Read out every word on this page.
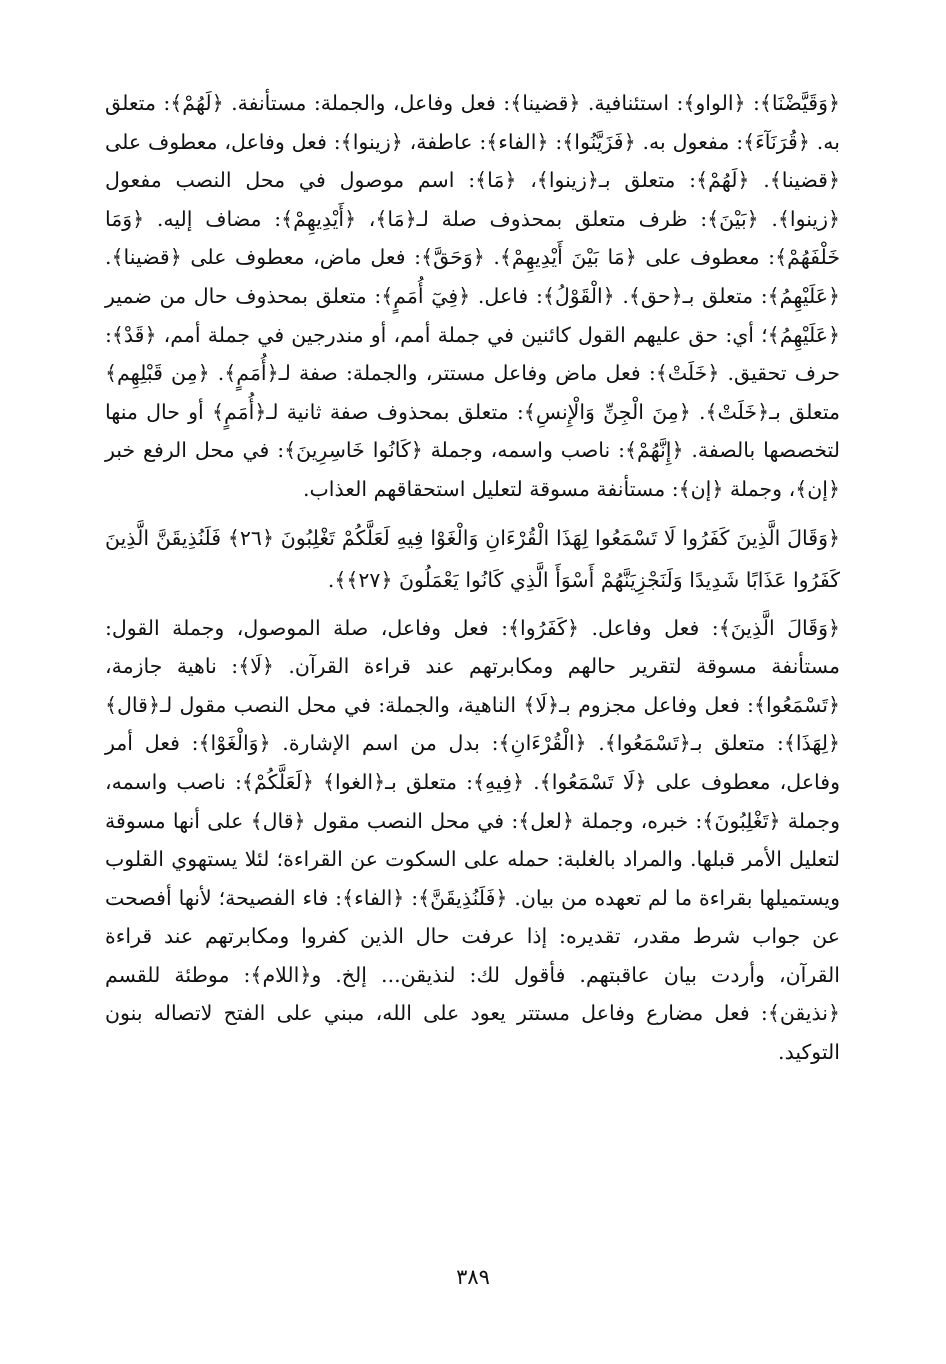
﴿وَقَيَّضْنَا﴾: ﴿الواو﴾: استئنافية. ﴿قضينا﴾: فعل وفاعل، والجملة: مستأنفة. ﴿لَهُمْ﴾: متعلق به. ﴿قُرَنَآءَ﴾: مفعول به. ﴿فَزَيَّنُوا﴾: ﴿الفاء﴾: عاطفة، ﴿زينوا﴾: فعل وفاعل، معطوف على ﴿قضينا﴾. ﴿لَهُمْ﴾: متعلق بـ﴿زينوا﴾، ﴿مَا﴾: اسم موصول في محل النصب مفعول ﴿زينوا﴾. ﴿بَيْنَ﴾: ظرف متعلق بمحذوف صلة لـ﴿مَا﴾، ﴿أَيْدِيهِمْ﴾: مضاف إليه. ﴿وَمَا خَلْفَهُمْ﴾: معطوف على ﴿مَا بَيْنَ أَيْدِيهِمْ﴾. ﴿وَحَقَّ﴾: فعل ماض، معطوف على ﴿قضينا﴾. ﴿عَلَيْهِمُ﴾: متعلق بـ﴿حق﴾. ﴿الْقَوْلُ﴾: فاعل. ﴿فِيٓ أُمَمٍ﴾: متعلق بمحذوف حال من ضمير ﴿عَلَيْهِمُ﴾؛ أي: حق عليهم القول كائنين في جملة أمم، أو مندرجين في جملة أمم، ﴿قَدْ﴾: حرف تحقيق. ﴿خَلَتْ﴾: فعل ماض وفاعل مستتر، والجملة: صفة لـ﴿أُمَمٍ﴾. ﴿مِن قَبْلِهِم﴾ متعلق بـ﴿خَلَتْ﴾. ﴿مِنَ الْجِنِّ وَالْإِنسِ﴾: متعلق بمحذوف صفة ثانية لـ﴿أُمَمٍ﴾ أو حال منها لتخصصها بالصفة. ﴿إِنَّهُمْ﴾: ناصب واسمه، وجملة ﴿كَانُوا خَاسِرِينَ﴾: في محل الرفع خبر ﴿إن﴾، وجملة ﴿إن﴾: مستأنفة مسوقة لتعليل استحقاقهم العذاب.

﴿وَقَالَ الَّذِينَ كَفَرُوا لَا تَسْمَعُوا لِهَذَا الْقُرْءَانِ وَالْغَوْا فِيهِ لَعَلَّكُمْ تَغْلِبُونَ ﴿٢٦﴾ فَلَنُذِيقَنَّ الَّذِينَ كَفَرُوا عَذَابًا شَدِيدًا وَلَنَجْزِيَنَّهُمْ أَسْوَأَ الَّذِي كَانُوا يَعْمَلُونَ ﴿٢٧﴾﴾.

﴿وَقَالَ الَّذِينَ﴾: فعل وفاعل. ﴿كَفَرُوا﴾: فعل وفاعل، صلة الموصول، وجملة القول: مستأنفة مسوقة لتقرير حالهم ومكابرتهم عند قراءة القرآن. ﴿لَا﴾: ناهية جازمة، ﴿تَسْمَعُوا﴾: فعل وفاعل مجزوم بـ﴿لَا﴾ الناهية، والجملة: في محل النصب مقول لـ﴿قال﴾ ﴿لِهَذَا﴾: متعلق بـ﴿تَسْمَعُوا﴾. ﴿الْقُرْءَانِ﴾: بدل من اسم الإشارة. ﴿وَالْغَوْا﴾: فعل أمر وفاعل، معطوف على ﴿لَا تَسْمَعُوا﴾. ﴿فِيهِ﴾: متعلق بـ﴿الغوا﴾ ﴿لَعَلَّكُمْ﴾: ناصب واسمه، وجملة ﴿تَغْلِبُونَ﴾: خبره، وجملة ﴿لعل﴾: في محل النصب مقول ﴿قال﴾ على أنها مسوقة لتعليل الأمر قبلها. والمراد بالغلبة: حمله على السكوت عن القراءة؛ لئلا يستهوي القلوب ويستميلها بقراءة ما لم تعهده من بيان. ﴿فَلَنُذِيقَنَّ﴾: ﴿الفاء﴾: فاء الفصيحة؛ لأنها أفصحت عن جواب شرط مقدر، تقديره: إذا عرفت حال الذين كفروا ومكابرتهم عند قراءة القرآن، وأردت بيان عاقبتهم. فأقول لك: لنذيقن... إلخ. و﴿اللام﴾: موطئة للقسم ﴿نذيقن﴾: فعل مضارع وفاعل مستتر يعود على الله، مبني على الفتح لاتصاله بنون التوكيد.

٣٨٩
